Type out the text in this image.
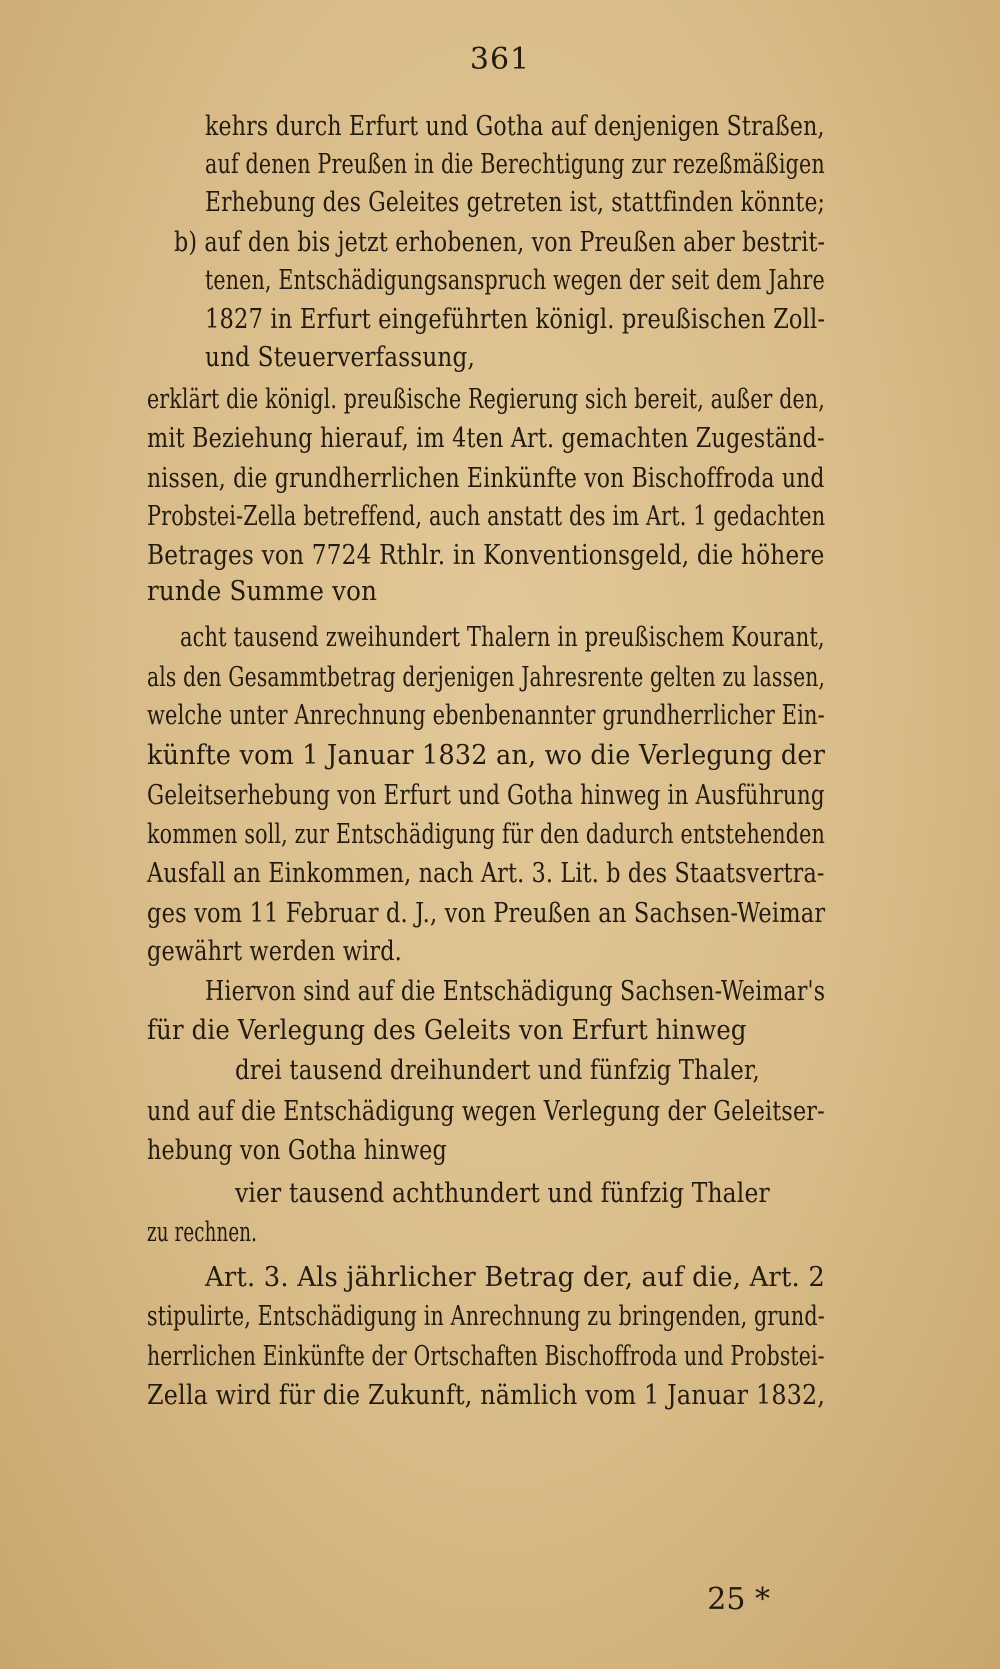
361
kehrs durch Erfurt und Gotha auf denjenigen Straßen,
auf denen Preußen in die Berechtigung zur rezeßmäßigen
Erhebung des Geleites getreten ist, stattfinden könnte;
b) auf den bis jetzt erhobenen, von Preußen aber bestrit-
tenen, Entschädigungsanspruch wegen der seit dem Jahre
1827 in Erfurt eingeführten königl. preußischen Zoll-
und Steuerverfassung,
erklärt die königl. preußische Regierung sich bereit, außer den,
mit Beziehung hierauf, im 4ten Art. gemachten Zugeständ-
nissen, die grundherrlichen Einkünfte von Bischoffroda und
Probstei-Zella betreffend, auch anstatt des im Art. 1 gedachten
Betrages von 7724 Rthlr. in Konventionsgeld, die höhere
runde Summe von
acht tausend zweihundert Thalern in preußischem Kourant,
als den Gesammtbetrag derjenigen Jahresrente gelten zu lassen,
welche unter Anrechnung ebenbenannter grundherrlicher Ein-
künfte vom 1 Januar 1832 an, wo die Verlegung der
Geleitserhebung von Erfurt und Gotha hinweg in Ausführung
kommen soll, zur Entschädigung für den dadurch entstehenden
Ausfall an Einkommen, nach Art. 3. Lit. b des Staatsvertra-
ges vom 11 Februar d. J., von Preußen an Sachsen-Weimar
gewährt werden wird.
Hiervon sind auf die Entschädigung Sachsen-Weimar's
für die Verlegung des Geleits von Erfurt hinweg
drei tausend dreihundert und fünfzig Thaler,
und auf die Entschädigung wegen Verlegung der Geleitser-
hebung von Gotha hinweg
vier tausend achthundert und fünfzig Thaler
zu rechnen.
Art. 3. Als jährlicher Betrag der, auf die, Art. 2
stipulirte, Entschädigung in Anrechnung zu bringenden, grund-
herrlichen Einkünfte der Ortschaften Bischoffroda und Probstei-
Zella wird für die Zukunft, nämlich vom 1 Januar 1832,
25 *
